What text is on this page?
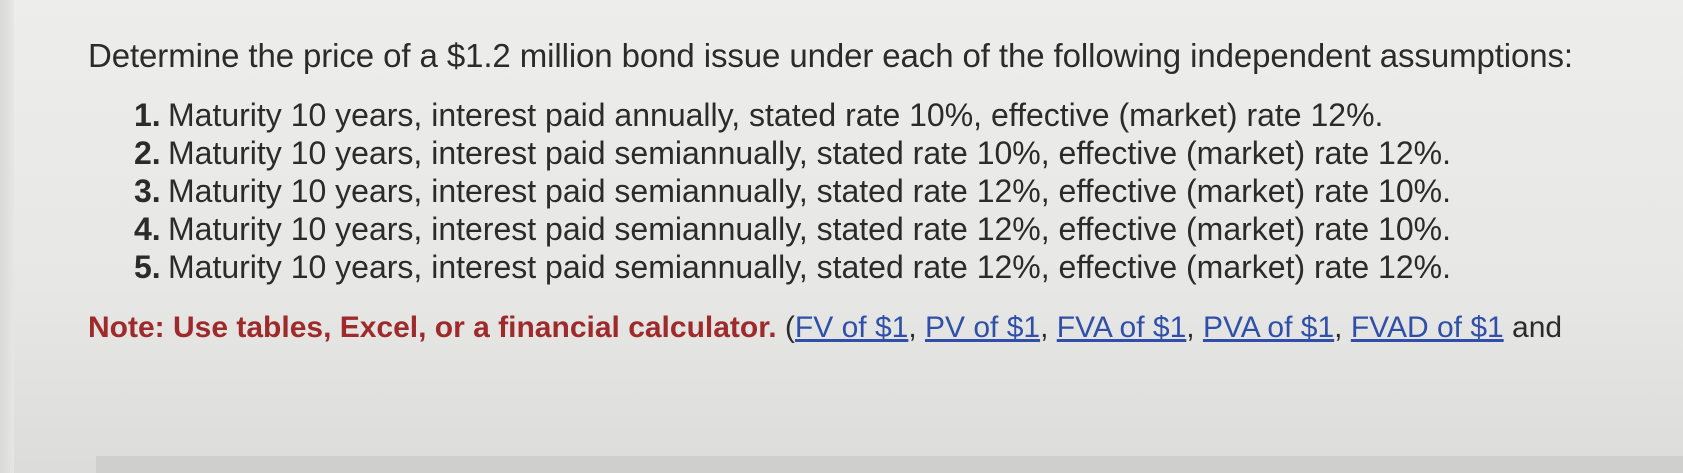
Determine the price of a $1.2 million bond issue under each of the following independent assumptions:

1. Maturity 10 years, interest paid annually, stated rate 10%, effective (market) rate 12%.
2. Maturity 10 years, interest paid semiannually, stated rate 10%, effective (market) rate 12%.
3. Maturity 10 years, interest paid semiannually, stated rate 12%, effective (market) rate 10%.
4. Maturity 10 years, interest paid semiannually, stated rate 12%, effective (market) rate 10%.
5. Maturity 10 years, interest paid semiannually, stated rate 12%, effective (market) rate 12%.
Note: Use tables, Excel, or a financial calculator. (FV of $1, PV of $1, FVA of $1, PVA of $1, FVAD of $1 and
